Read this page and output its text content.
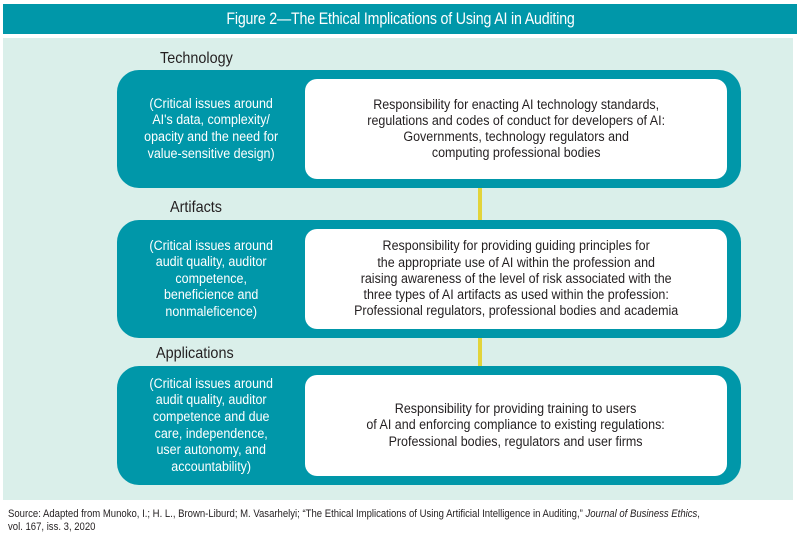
Figure 2—The Ethical Implications of Using AI in Auditing
Technology
(Critical issues around
AI's data, complexity/
opacity and the need for
value-sensitive design)
Responsibility for enacting AI technology standards,
regulations and codes of conduct for developers of AI:
Governments, technology regulators and
computing professional bodies
Artifacts
(Critical issues around
audit quality, auditor
competence,
beneficience and
nonmaleficence)
Responsibility for providing guiding principles for
the appropriate use of AI within the profession and
raising awareness of the level of risk associated with the
three types of AI artifacts as used within the profession:
Professional regulators, professional bodies and academia
Applications
(Critical issues around
audit quality, auditor
competence and due
care, independence,
user autonomy, and
accountability)
Responsibility for providing training to users
of AI and enforcing compliance to existing regulations:
Professional bodies, regulators and user firms
Source: Adapted from Munoko, I.; H. L., Brown-Liburd; M. Vasarhelyi; “The Ethical Implications of Using Artificial Intelligence in Auditing,” Journal of Business Ethics,
vol. 167, iss. 3, 2020
